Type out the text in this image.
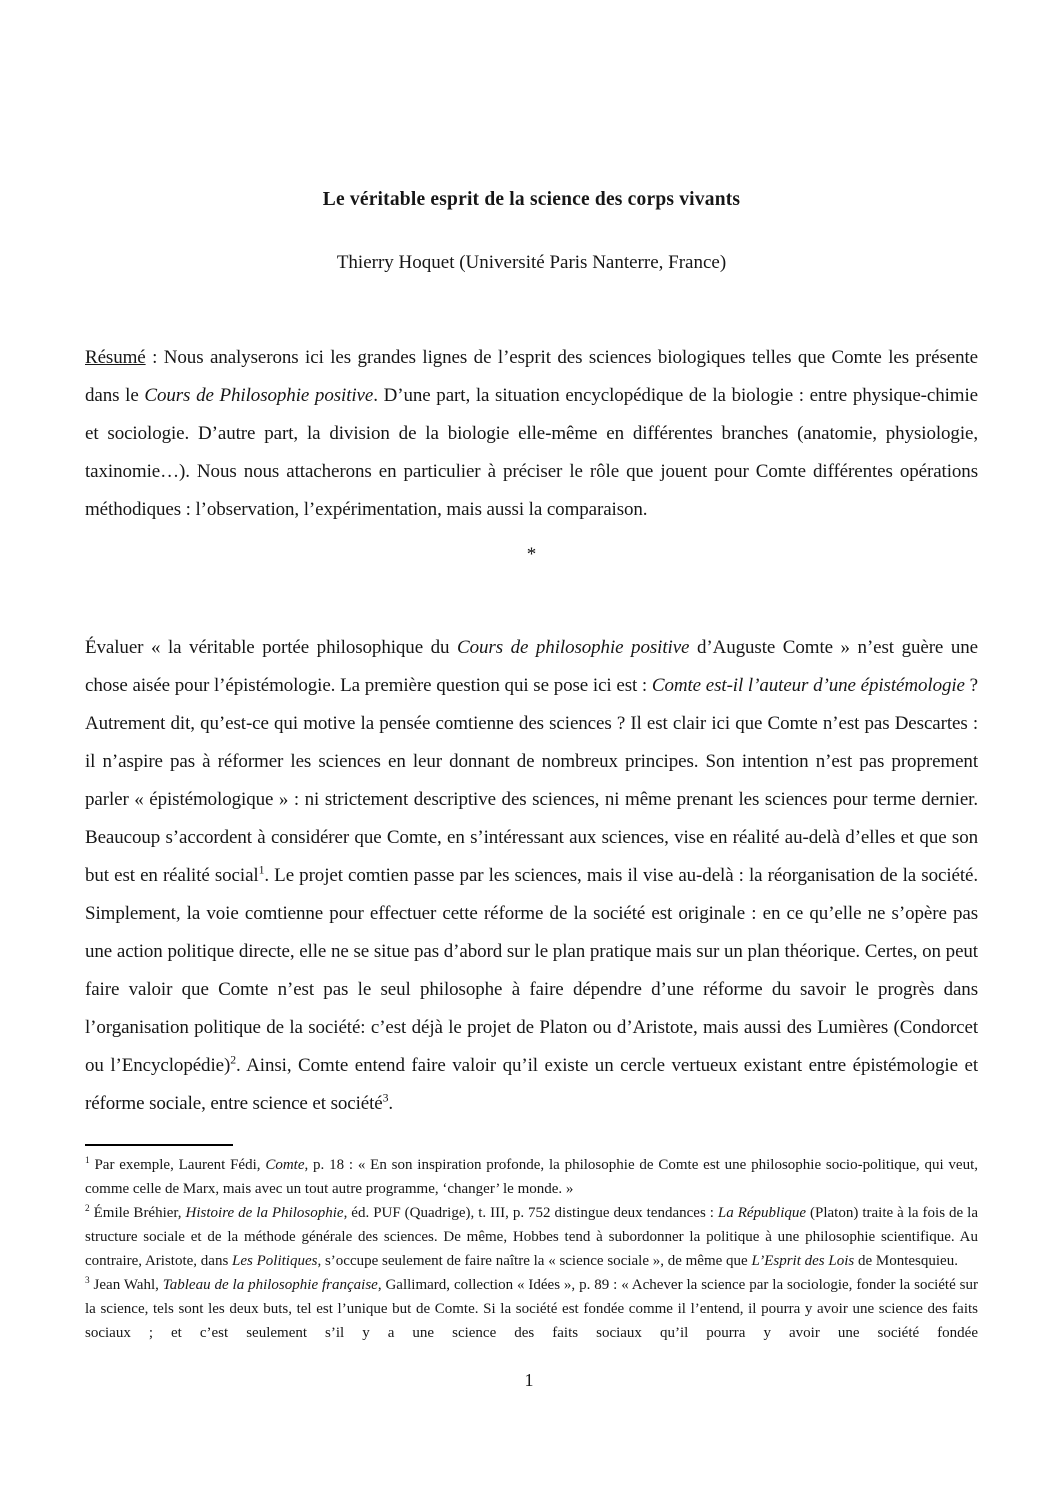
Le véritable esprit de la science des corps vivants
Thierry Hoquet (Université Paris Nanterre, France)

Résumé : Nous analyserons ici les grandes lignes de l’esprit des sciences biologiques telles que Comte les présente dans le Cours de Philosophie positive. D’une part, la situation encyclopédique de la biologie : entre physique-chimie et sociologie. D’autre part, la division de la biologie elle-même en différentes branches (anatomie, physiologie, taxinomie…). Nous nous attacherons en particulier à préciser le rôle que jouent pour Comte différentes opérations méthodiques : l’observation, l’expérimentation, mais aussi la comparaison.

*

Évaluer « la véritable portée philosophique du Cours de philosophie positive d’Auguste Comte » n’est guère une chose aisée pour l’épistémologie. La première question qui se pose ici est : Comte est-il l’auteur d’une épistémologie ? Autrement dit, qu’est-ce qui motive la pensée comtienne des sciences ? Il est clair ici que Comte n’est pas Descartes : il n’aspire pas à réformer les sciences en leur donnant de nombreux principes. Son intention n’est pas proprement parler « épistémologique » : ni strictement descriptive des sciences, ni même prenant les sciences pour terme dernier. Beaucoup s’accordent à considérer que Comte, en s’intéressant aux sciences, vise en réalité au-delà d’elles et que son but est en réalité social$^1$. Le projet comtien passe par les sciences, mais il vise au-delà : la réorganisation de la société. Simplement, la voie comtienne pour effectuer cette réforme de la société est originale : en ce qu’elle ne s’opère pas une action politique directe, elle ne se situe pas d’abord sur le plan pratique mais sur un plan théorique. Certes, on peut faire valoir que Comte n’est pas le seul philosophe à faire dépendre d’une réforme du savoir le progrès dans l’organisation politique de la société: c’est déjà le projet de Platon ou d’Aristote, mais aussi des Lumières (Condorcet ou l’Encyclopédie)$^2$. Ainsi, Comte entend faire valoir qu’il existe un cercle vertueux existant entre épistémologie et réforme sociale, entre science et société$^3$.

$^1$ Par exemple, Laurent Fédi, Comte, p. 18 : « En son inspiration profonde, la philosophie de Comte est une philosophie socio-politique, qui veut, comme celle de Marx, mais avec un tout autre programme, ‘changer’ le monde. »

$^2$ Émile Bréhier, Histoire de la Philosophie, éd. PUF (Quadrige), t. III, p. 752 distingue deux tendances : La République (Platon) traite à la fois de la structure sociale et de la méthode générale des sciences. De même, Hobbes tend à subordonner la politique à une philosophie scientifique. Au contraire, Aristote, dans Les Politiques, s’occupe seulement de faire naître la « science sociale », de même que L’Esprit des Lois de Montesquieu.

$^3$ Jean Wahl, Tableau de la philosophie française, Gallimard, collection « Idées », p. 89 : « Achever la science par la sociologie, fonder la société sur la science, tels sont les deux buts, tel est l’unique but de Comte. Si la société est fondée comme il l’entend, il pourra y avoir une science des faits sociaux ; et c’est seulement s’il y a une science des faits sociaux qu’il pourra y avoir une société fondée

1
